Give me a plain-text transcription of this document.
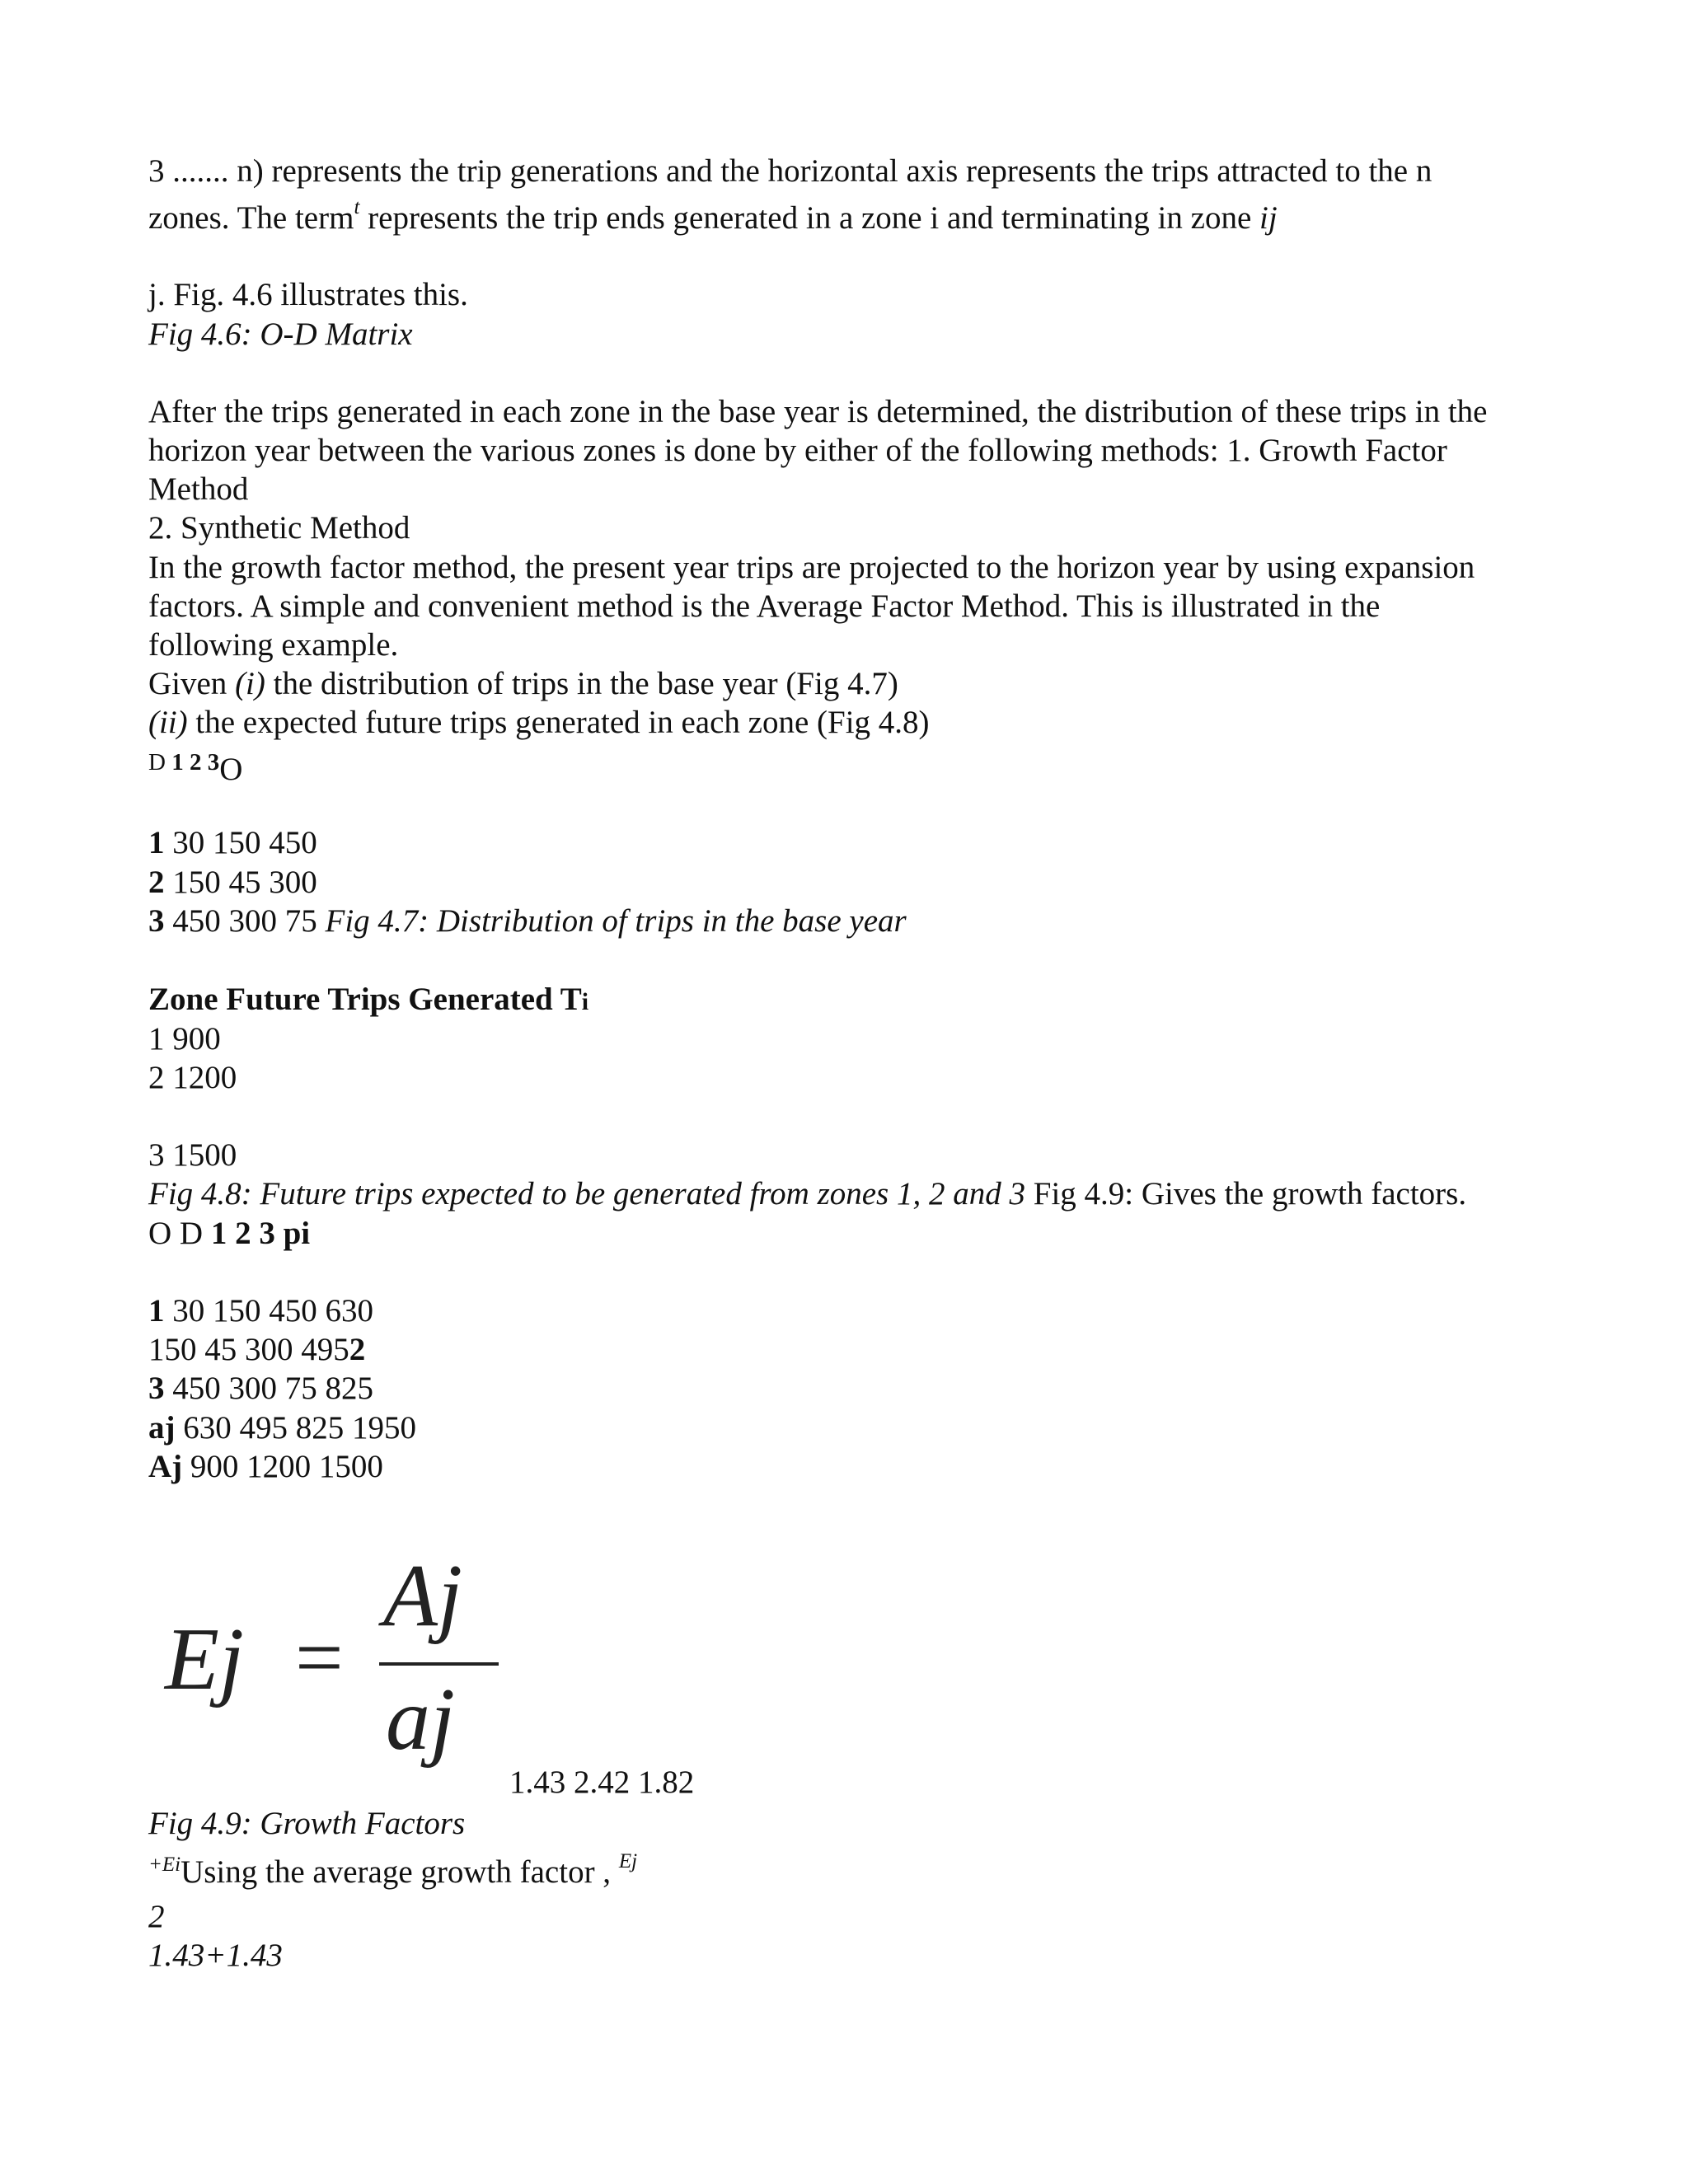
3 ....... n) represents the trip generations and the horizontal axis represents the trips attracted to the n
zones. The term$^t$ represents the trip ends generated in a zone i and terminating in zone ij
j. Fig. 4.6 illustrates this.
Fig 4.6: O-D Matrix
After the trips generated in each zone in the base year is determined, the distribution of these trips in the
horizon year between the various zones is done by either of the following methods: 1. Growth Factor
Method
2. Synthetic Method
In the growth factor method, the present year trips are projected to the horizon year by using expansion
factors. A simple and convenient method is the Average Factor Method. This is illustrated in the
following example.
Given (i) the distribution of trips in the base year (Fig 4.7)
(ii) the expected future trips generated in each zone (Fig 4.8)
D 1 2 3O
1 30 150 450
2 150 45 300
3 450 300 75 Fig 4.7: Distribution of trips in the base year
Zone Future Trips Generated Ti
1 900
2 1200
3 1500
Fig 4.8: Future trips expected to be generated from zones 1, 2 and 3 Fig 4.9: Gives the growth factors.
O D 1 2 3 pi
1 30 150 450 630
150 45 300 4952
3 450 300 75 825
aj 630 495 825 1950
Aj 900 1200 1500
Ej =
Aj
aj
1.43 2.42 1.82
Fig 4.9: Growth Factors
$^{+Ei}$Using the average growth factor , $^{Ej}$
2
1.43+1.43
